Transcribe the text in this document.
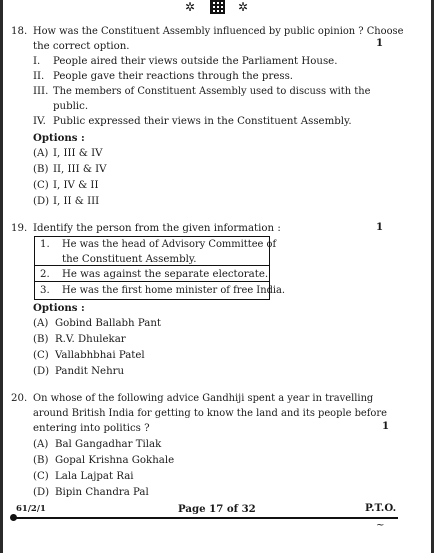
✲	✲
18. How was the Constituent Assembly influenced by public opinion ? Choose
the correct option.	1
I. People aired their views outside the Parliament House.
II. People gave their reactions through the press.
III. The members of Constituent Assembly used to discuss with the
public.
IV. Public expressed their views in the Constituent Assembly.
Options :
(A) I, III & IV
(B) II, III & IV
(C) I, IV & II
(D) I, II & III
19. Identify the person from the given information :	1
1. He was the head of Advisory Committee of
the Constituent Assembly.
2. He was against the separate electorate.
3. He was the first home minister of free India.
Options :
(A) Gobind Ballabh Pant
(B) R.V. Dhulekar
(C) Vallabhbhai Patel
(D) Pandit Nehru
20. On whose of the following advice Gandhiji spent a year in travelling
around British India for getting to know the land and its people before
entering into politics ?	1
(A) Bal Gangadhar Tilak
(B) Gopal Krishna Gokhale
(C) Lala Lajpat Rai
(D) Bipin Chandra Pal
61/2/1	Page 17 of 32	P.T.O.
~
